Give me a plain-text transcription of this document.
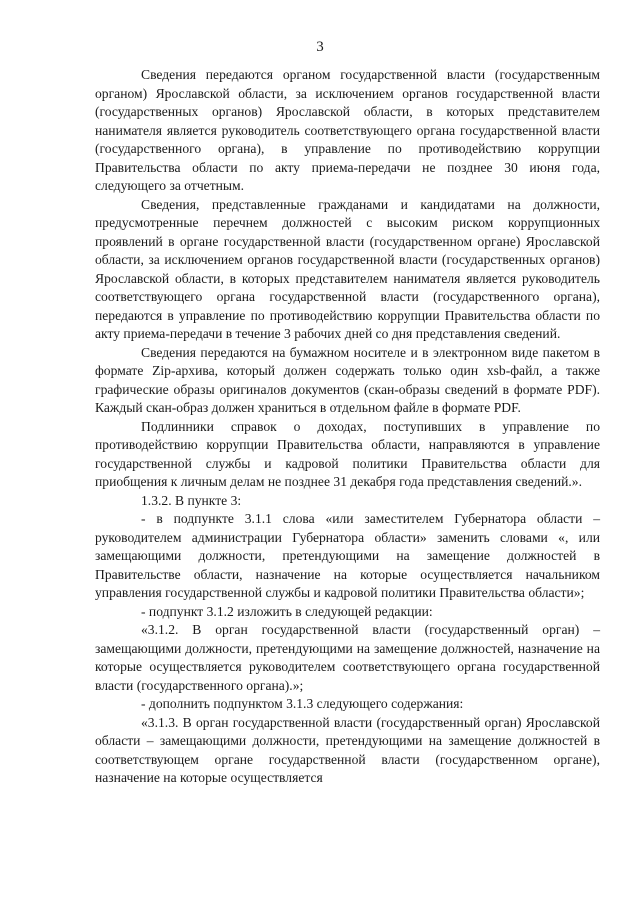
3

Сведения передаются органом государственной власти (государственным органом) Ярославской области, за исключением органов государственной власти (государственных органов) Ярославской области, в которых представителем нанимателя является руководитель соответствующего органа государственной власти (государственного органа), в управление по противодействию коррупции Правительства области по акту приема-передачи не позднее 30 июня года, следующего за отчетным.

Сведения, представленные гражданами и кандидатами на должности, предусмотренные перечнем должностей с высоким риском коррупционных проявлений в органе государственной власти (государственном органе) Ярославской области, за исключением органов государственной власти (государственных органов) Ярославской области, в которых представителем нанимателя является руководитель соответствующего органа государственной власти (государственного органа), передаются в управление по противодействию коррупции Правительства области по акту приема-передачи в течение 3 рабочих дней со дня представления сведений.

Сведения передаются на бумажном носителе и в электронном виде пакетом в формате Zip-архива, который должен содержать только один xsb-файл, а также графические образы оригиналов документов (скан-образы сведений в формате PDF). Каждый скан-образ должен храниться в отдельном файле в формате PDF.

Подлинники справок о доходах, поступивших в управление по противодействию коррупции Правительства области, направляются в управление государственной службы и кадровой политики Правительства области для приобщения к личным делам не позднее 31 декабря года представления сведений.».

1.3.2. В пункте 3:

- в подпункте 3.1.1 слова «или заместителем Губернатора области – руководителем администрации Губернатора области» заменить словами «, или замещающими должности, претендующими на замещение должностей в Правительстве области, назначение на которые осуществляется начальником управления государственной службы и кадровой политики Правительства области»;

- подпункт 3.1.2 изложить в следующей редакции:

«3.1.2. В орган государственной власти (государственный орган) – замещающими должности, претендующими на замещение должностей, назначение на которые осуществляется руководителем соответствующего органа государственной власти (государственного органа).»;

- дополнить подпунктом 3.1.3 следующего содержания:

«3.1.3. В орган государственной власти (государственный орган) Ярославской области – замещающими должности, претендующими на замещение должностей в соответствующем органе государственной власти (государственном органе), назначение на которые осуществляется
